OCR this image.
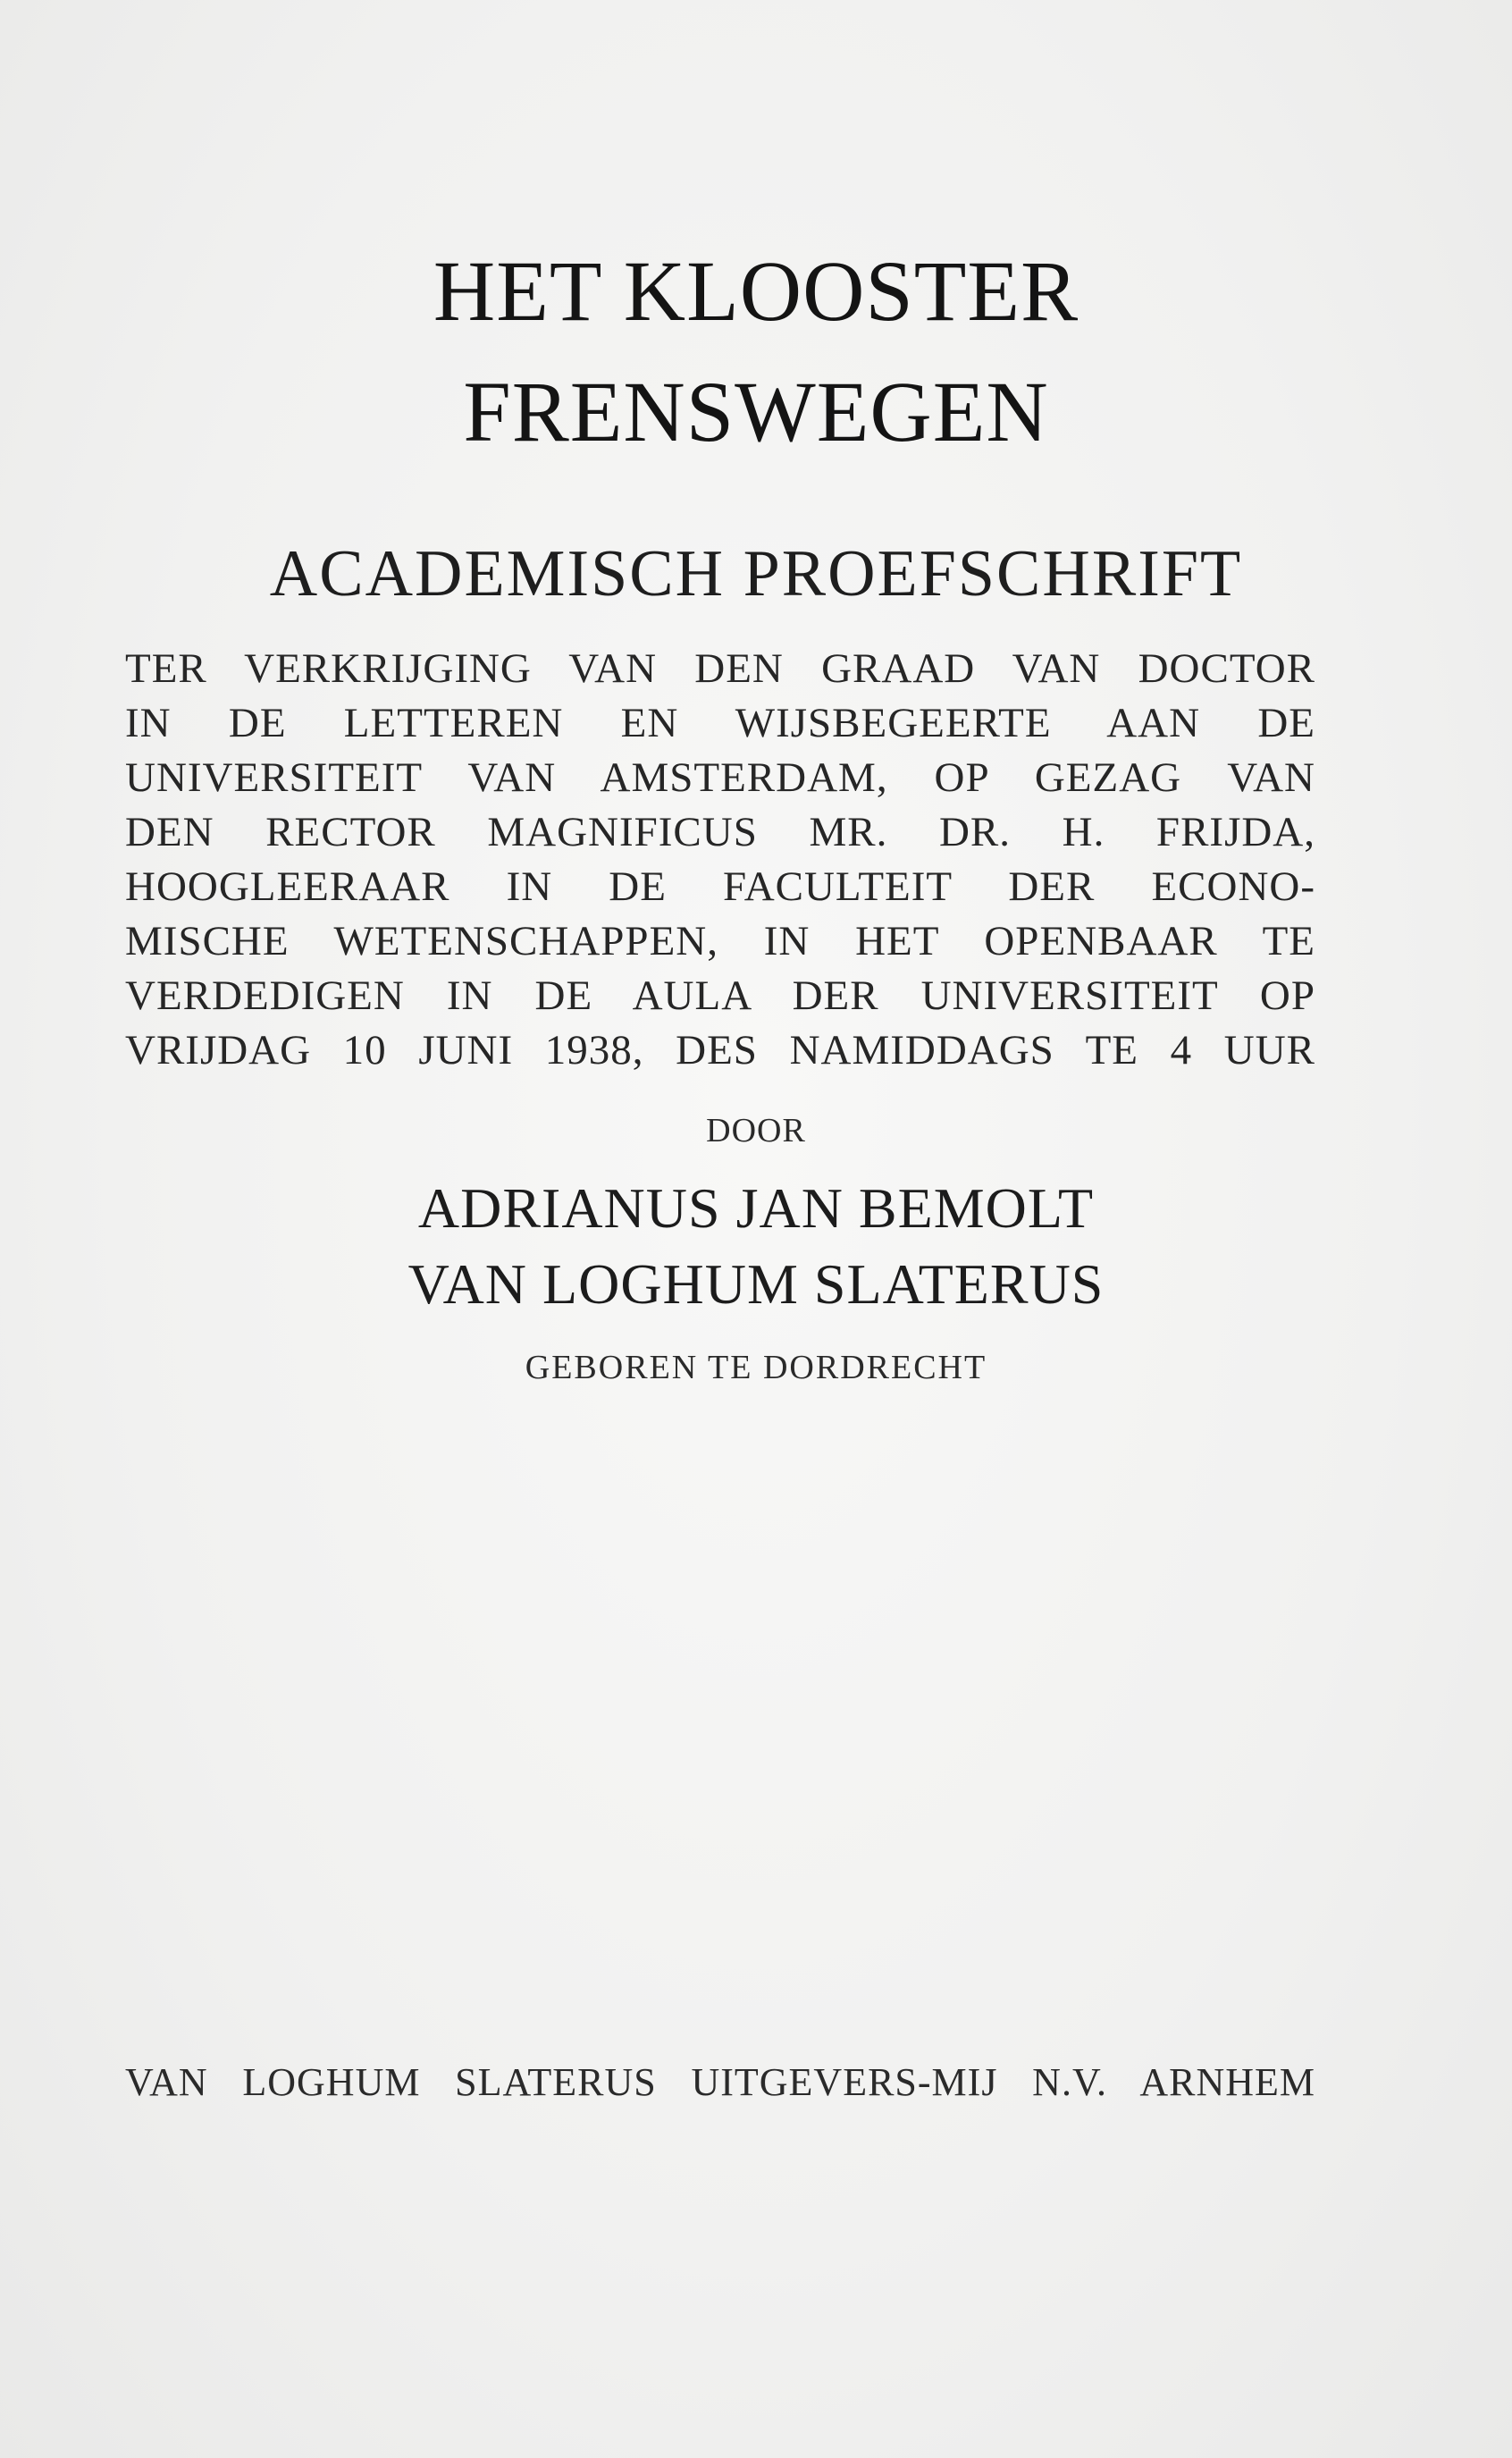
HET KLOOSTER
FRENSWEGEN
ACADEMISCH PROEFSCHRIFT
TER VERKRIJGING VAN DEN GRAAD VAN DOCTOR
IN DE LETTEREN EN WIJSBEGEERTE AAN DE
UNIVERSITEIT VAN AMSTERDAM, OP GEZAG VAN
DEN RECTOR MAGNIFICUS MR. DR. H. FRIJDA,
HOOGLEERAAR IN DE FACULTEIT DER ECONO-
MISCHE WETENSCHAPPEN, IN HET OPENBAAR TE
VERDEDIGEN IN DE AULA DER UNIVERSITEIT OP
VRIJDAG 10 JUNI 1938, DES NAMIDDAGS TE 4 UUR

DOOR

ADRIANUS JAN BEMOLT

VAN LOGHUM SLATERUS

GEBOREN TE DORDRECHT

VAN LOGHUM SLATERUS UITGEVERS-MIJ N.V. ARNHEM
